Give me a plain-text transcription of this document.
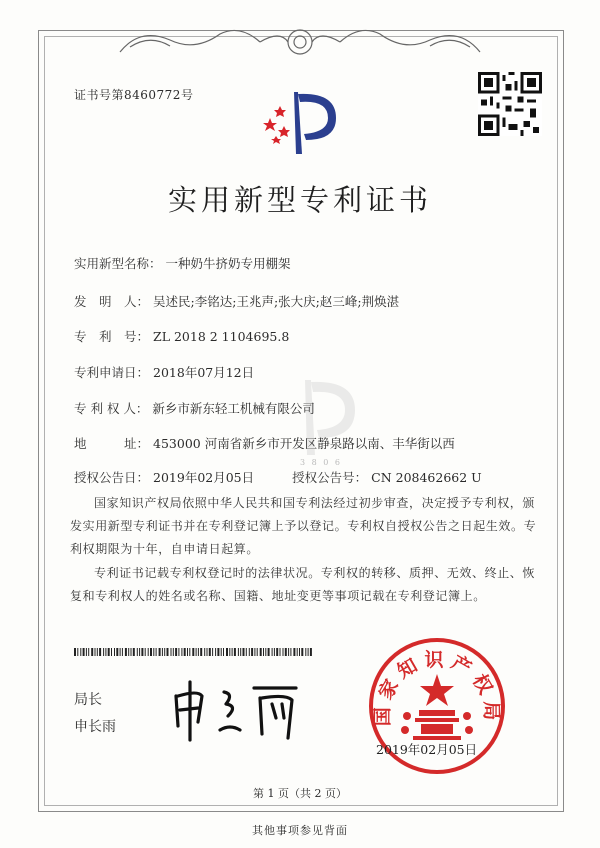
证书号第8460772号
实用新型专利证书
实用新型名称： 一种奶牛挤奶专用棚架
发　明　人： 吴述民;李铭达;王兆声;张大庆;赵三峰;荆焕湛
专　利　号： ZL 2018 2 1104695.8
专利申请日： 2018年07月12日
专 利 权 人： 新乡市新东轻工机械有限公司
地　　　址： 453000 河南省新乡市开发区静泉路以南、丰华街以西
授权公告日： 2019年02月05日	授权公告号： CN 208462662 U
3 8 0 6
国家知识产权局依照中华人民共和国专利法经过初步审查，决定授予专利权，颁发实用新型专利证书并在专利登记簿上予以登记。专利权自授权公告之日起生效。专利权期限为十年，自申请日起算。
专利证书记载专利权登记时的法律状况。专利权的转移、质押、无效、终止、恢复和专利权人的姓名或名称、国籍、地址变更等事项记载在专利登记簿上。
局长
申长雨
国家知识产权局
2019年02月05日
第 1 页（共 2 页）
其他事项参见背面
